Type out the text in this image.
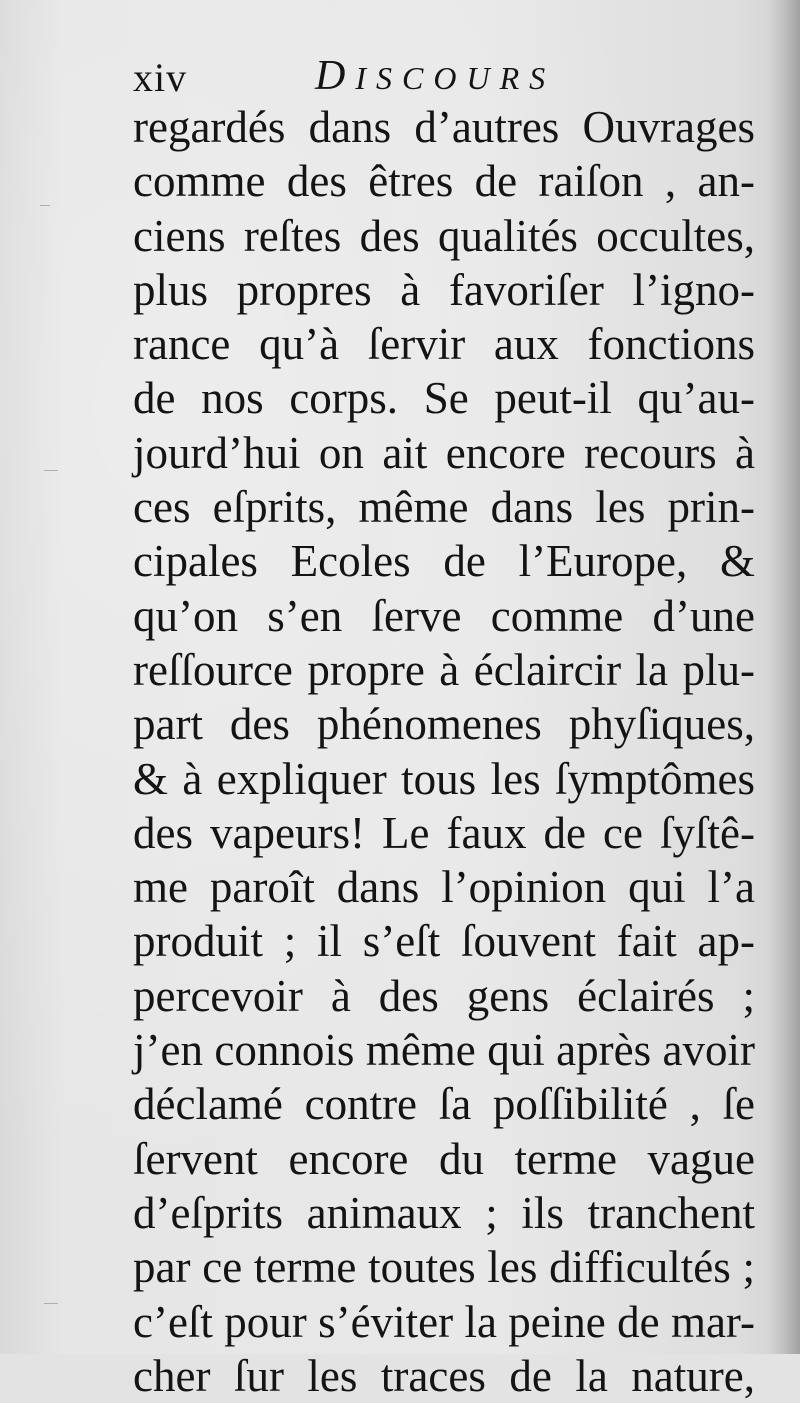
xiv	DISCOURS
regardés dans d’autres Ouvrages
comme des êtres de raiſon , an-
ciens reſtes des qualités occultes,
plus propres à favoriſer l’igno-
rance qu’à ſervir aux fonctions
de nos corps. Se peut-il qu’au-
jourd’hui on ait encore recours à
ces eſprits, même dans les prin-
cipales Ecoles de l’Europe, &
qu’on s’en ſerve comme d’une
reſſource propre à éclaircir la plu-
part des phénomenes phyſiques,
& à expliquer tous les ſymptômes
des vapeurs! Le faux de ce ſyſtê-
me paroît dans l’opinion qui l’a
produit ; il s’eſt ſouvent fait ap-
percevoir à des gens éclairés ;
j’en connois même qui après avoir
déclamé contre ſa poſſibilité , ſe
ſervent encore du terme vague
d’eſprits animaux ; ils tranchent
par ce terme toutes les difficultés ;
c’eſt pour s’éviter la peine de mar-
cher ſur les traces de la nature,
